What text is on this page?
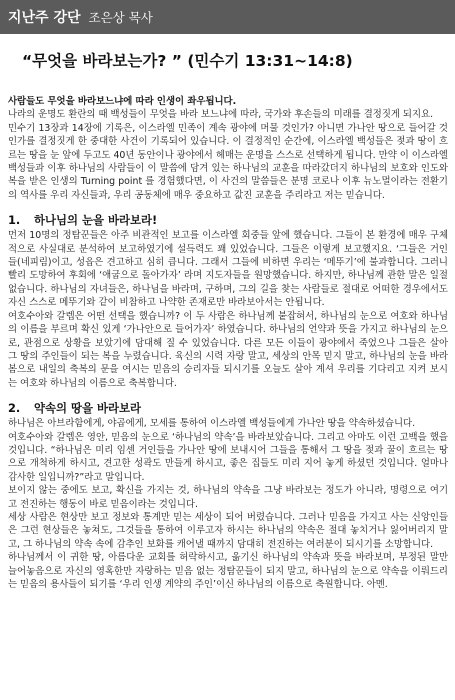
지난주 강단 조은상 목사
“무엇을 바라보는가? ” (민수기 13:31~14:8)

사람들도 무엇을 바라보느냐에 따라 인생이 좌우됩니다.

나라의 운명도 환란의 때 백성들이 무엇을 바라 보느냐에 따라, 국가와 후손들의 미래를 결정짓게 되지요.

민수기 13장과 14장에 기록은, 이스라엘 민족이 계속 광야에 머물 것인가? 아니면 가나안 땅으로 들어갈 것인가를 결정짓게 한 중대한 사건이 기록되어 있습니다. 이 결정적인 순간에, 이스라엘 백성들은 젖과 땅이 흐르는 땅을 눈 앞에 두고도 40년 동안이나 광야에서 헤매는 운명을 스스로 선택하게 됩니다. 만약 이 이스라엘 백성들과 이후 하나님의 사람들이 이 말씀에 담겨 있는 하나님의 교훈을 따라갔더지 하나님의 보호와 인도와 복을 받은 인생의 Turning point 를 경험했다면, 이 사건의 말씀들은 분명 코로나 이후 뉴노멀이라는 전환기의 역사를 우리 자신들과, 우리 공동체에 매우 중요하고 값진 교훈을 주리라고 저는 믿습니다.

1. 하나님의 눈을 바라보라!

먼저 10명의 정탐꾼들은 아주 비관적인 보고를 이스라엘 회중들 앞에 했습니다. 그들이 본 환경에 매우 구체적으로 사실대로 분석하여 보고하였기에 설득력도 꽤 있었습니다. 그들은 이렇게 보고했지요. ‘그들은 거인들(네피림)이고, 성읍은 견고하고 심히 큽니다. 그래서 그들에 비하면 우리는 ‘메뚜기’에 불과합니다. 그러니 빨리 도망하여 후회에 ‘애굽으로 돌아가자’ 라며 지도자들을 원망했습니다. 하지만, 하나님께 관한 말은 일절 없습니다. 하나님의 자녀들은, 하나님을 바라며, 구하며, 그의 길을 찾는 사람들로 절대로 어떠한 경우에서도 자신 스스로 메뚜기와 같이 비참하고 나약한 존재로만 바라보아서는 안됩니다.

여호수아와 갈렙은 어떤 선택을 했습니까? 이 두 사람은 하나님께 붙잡혀서, 하나님의 눈으로 여호와 하나님의 이름을 부르며 확신 있게 ‘가나안으로 들어가자’ 하였습니다. 하나님의 언약과 뜻을 가지고 하나님의 눈으로, 관점으로 상황을 보았기에 담대해 질 수 있었습니다. 다른 모든 이들이 광야에서 죽었으나 그들은 살아 그 땅의 주인들이 되는 복을 누렸습니다. 육신의 시력 자랑 말고, 세상의 안목 믿지 말고, 하나님의 눈을 바라봄으로 내일의 축복의 문을 여시는 믿음의 승리자들 되시기를 오늘도 살아 계셔 우리를 기다리고 지켜 보시는 여호와 하나님의 이름으로 축복합니다.

2. 약속의 땅을 바라보라

하나님은 아브라함에게, 야곱에게, 모세를 통하여 이스라엘 백성들에게 가나안 땅을 약속하셨습니다.

여호수아와 갈렙은 영안, 믿음의 눈으로 ‘하나님의 약속’을 바라보았습니다. 그리고 아마도 이런 고백을 했을 것입니다. “하나님은 미리 임센 거인들을 가나안 땅에 보내시어 그들을 통해서 그 땅을 젖과 꿀이 흐르는 땅으로 개척하게 하시고, 견고한 성곽도 만들게 하시고, 좋은 집들도 미리 지어 놓게 하셨던 것입니다. 얼마나 감사한 일입니까?”라고 말입니다.

보이지 않는 중에도 보고, 확신을 가지는 것, 하나님의 약속을 그냥 바라보는 정도가 아니라, 명령으로 여기고 전진하는 행동이 바로 믿음이라는 것입니다.

세상 사람은 현상만 보고 정보와 통계만 믿는 세상이 되어 버렸습니다. 그러나 믿음을 가지고 사는 신앙인들은 그런 현상들은 놓쳐도, 그것들을 통하여 이루고자 하시는 하나님의 약속은 절대 놓치거나 잃어버리지 말고, 그 하나님의 약속 속에 감추인 보화를 캐어낼 때까지 담대히 전진하는 여러분이 되시기를 소망합니다.

하나님께서 이 귀한 땅, 아름다운 교회를 허락하시고, 옮기신 하나님의 약속과 뜻을 바라보며, 부정된 말만 늘어놓음으로 자신의 영혹한만 자랑하는 믿음 없는 정탐꾼들이 되지 말고, 하나님의 눈으로 약속을 이뤄드리는 믿음의 용사들이 되기를 ‘우리 인생 계약의 주인’이신 하나님의 이름으로 축원합니다. 아멘.
